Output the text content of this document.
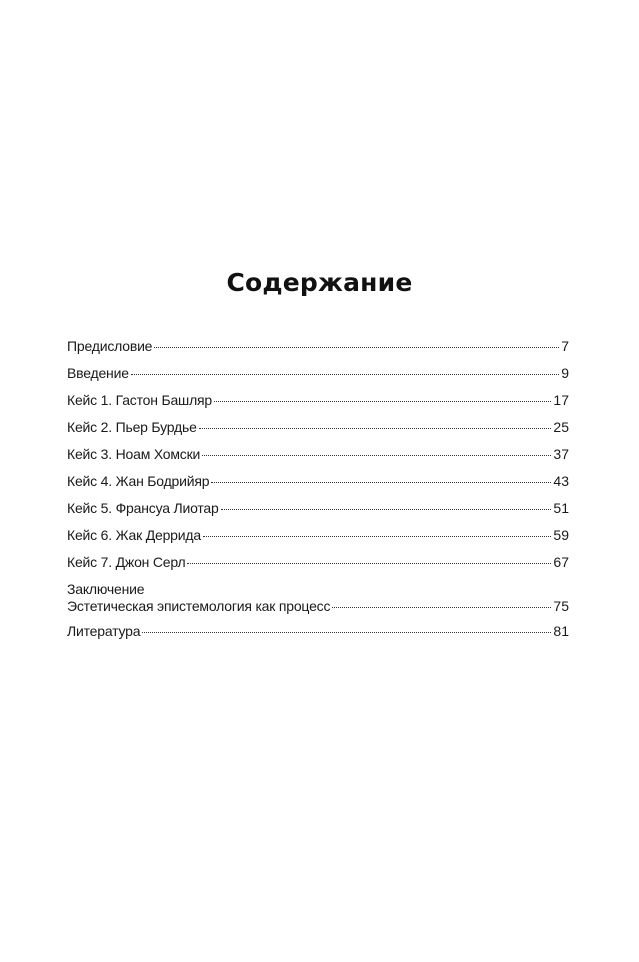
Содержание
Предисловие	7
Введение	9
Кейс 1. Гастон Башляр	17
Кейс 2. Пьер Бурдье	25
Кейс 3. Ноам Хомски	37
Кейс 4. Жан Бодрийяр	43
Кейс 5. Франсуа Лиотар	51
Кейс 6. Жак Деррида	59
Кейс 7. Джон Серл	67
Заключение
Эстетическая эпистемология как процесс	75
Литература	81
